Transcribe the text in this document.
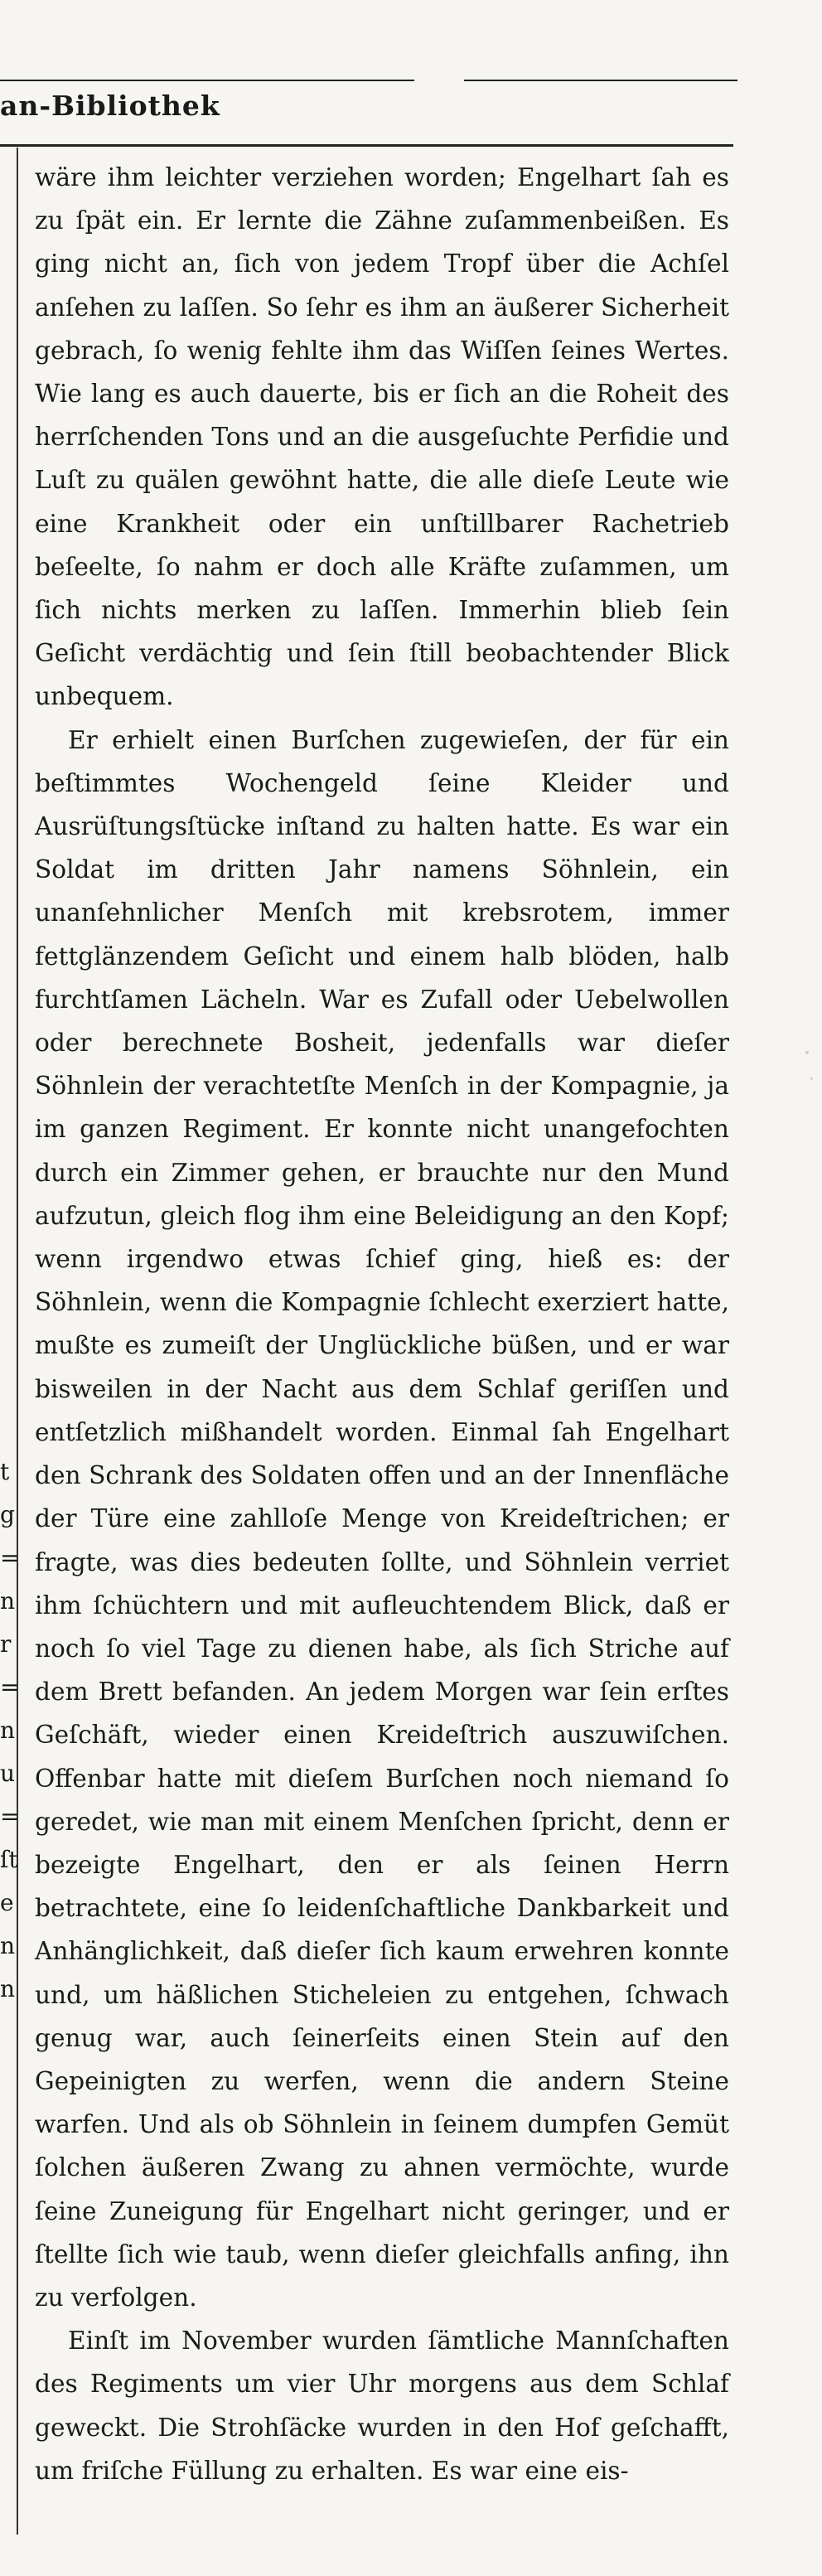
an-Bibliothek
t
g
=
n
r
=
n
u
=
ſt
e
n
n

wäre ihm leichter verziehen worden; Engelhart ſah es zu ſpät ein. Er lernte die Zähne zuſammenbeißen. Es ging nicht an, ſich von jedem Tropf über die Achſel anſehen zu laſſen. So ſehr es ihm an äußerer Sicherheit gebrach, ſo wenig fehlte ihm das Wiſſen ſeines Wertes. Wie lang es auch dauerte, bis er ſich an die Roheit des herrſchenden Tons und an die ausgeſuchte Perfidie und Luſt zu quälen gewöhnt hatte, die alle dieſe Leute wie eine Krankheit oder ein unſtillbarer Rachetrieb beſeelte, ſo nahm er doch alle Kräfte zuſammen, um ſich nichts merken zu laſſen. Immerhin blieb ſein Geſicht verdächtig und ſein ſtill beobachtender Blick unbequem.

Er erhielt einen Burſchen zugewieſen, der für ein beſtimmtes Wochengeld ſeine Kleider und Ausrüſtungsſtücke inſtand zu halten hatte. Es war ein Soldat im dritten Jahr namens Söhnlein, ein unanſehnlicher Menſch mit krebsrotem, immer fettglänzendem Geſicht und einem halb blöden, halb furchtſamen Lächeln. War es Zufall oder Uebelwollen oder berechnete Bosheit, jedenfalls war dieſer Söhnlein der verachtetſte Menſch in der Kompagnie, ja im ganzen Regiment. Er konnte nicht unangefochten durch ein Zimmer gehen, er brauchte nur den Mund aufzutun, gleich flog ihm eine Beleidigung an den Kopf; wenn irgendwo etwas ſchief ging, hieß es: der Söhnlein, wenn die Kompagnie ſchlecht exerziert hatte, mußte es zumeiſt der Unglückliche büßen, und er war bisweilen in der Nacht aus dem Schlaf geriſſen und entſetzlich mißhandelt worden. Einmal ſah Engelhart den Schrank des Soldaten offen und an der Innenfläche der Türe eine zahlloſe Menge von Kreideſtrichen; er fragte, was dies bedeuten ſollte, und Söhnlein verriet ihm ſchüchtern und mit aufleuchtendem Blick, daß er noch ſo viel Tage zu dienen habe, als ſich Striche auf dem Brett befanden. An jedem Morgen war ſein erſtes Geſchäft, wieder einen Kreideſtrich auszuwiſchen. Offenbar hatte mit dieſem Burſchen noch niemand ſo geredet, wie man mit einem Menſchen ſpricht, denn er bezeigte Engelhart, den er als ſeinen Herrn betrachtete, eine ſo leidenſchaftliche Dankbarkeit und Anhänglichkeit, daß dieſer ſich kaum erwehren konnte und, um häßlichen Sticheleien zu entgehen, ſchwach genug war, auch ſeinerſeits einen Stein auf den Gepeinigten zu werfen, wenn die andern Steine warfen. Und als ob Söhnlein in ſeinem dumpfen Gemüt ſolchen äußeren Zwang zu ahnen vermöchte, wurde ſeine Zuneigung für Engelhart nicht geringer, und er ſtellte ſich wie taub, wenn dieſer gleichfalls anfing, ihn zu verfolgen.

Einſt im November wurden ſämtliche Mannſchaften des Regiments um vier Uhr morgens aus dem Schlaf geweckt. Die Strohſäcke wurden in den Hof geſchafft, um friſche Füllung zu erhalten. Es war eine eis-
